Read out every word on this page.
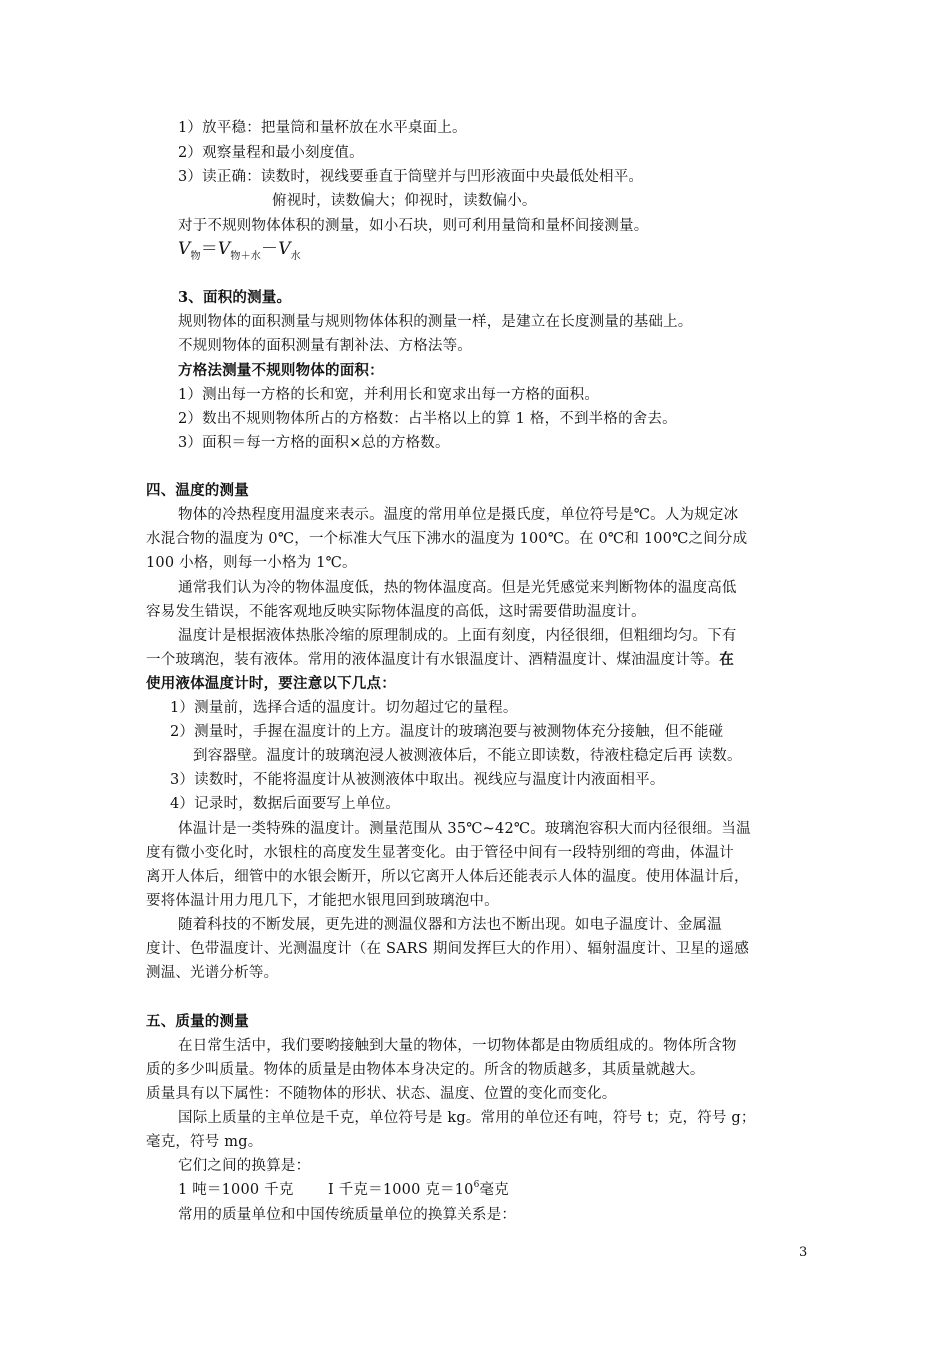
1）放平稳：把量筒和量杯放在水平桌面上。
2）观察量程和最小刻度值。
3）读正确：读数时，视线要垂直于筒壁并与凹形液面中央最低处相平。
俯视时，读数偏大；仰视时，读数偏小。
对于不规则物体体积的测量，如小石块，则可利用量筒和量杯间接测量。
$V_物=V_{物+水}-V_水$
3、面积的测量。
规则物体的面积测量与规则物体体积的测量一样，是建立在长度测量的基础上。
不规则物体的面积测量有割补法、方格法等。
方格法测量不规则物体的面积：
1）测出每一方格的长和宽，并利用长和宽求出每一方格的面积。
2）数出不规则物体所占的方格数：占半格以上的算 1 格，不到半格的舍去。
3）面积＝每一方格的面积×总的方格数。
四、温度的测量
物体的冷热程度用温度来表示。温度的常用单位是摄氏度，单位符号是℃。人为规定冰
水混合物的温度为 0℃，一个标准大气压下沸水的温度为 100℃。在 0℃和 100℃之间分成
100 小格，则每一小格为 1℃。
通常我们认为冷的物体温度低，热的物体温度高。但是光凭感觉来判断物体的温度高低
容易发生错误，不能客观地反映实际物体温度的高低，这时需要借助温度计。
温度计是根据液体热胀冷缩的原理制成的。上面有刻度，内径很细，但粗细均匀。下有
一个玻璃泡，装有液体。常用的液体温度计有水银温度计、酒精温度计、煤油温度计等。在
使用液体温度计时，要注意以下几点：
1）测量前，选择合适的温度计。切勿超过它的量程。
2）测量时，手握在温度计的上方。温度计的玻璃泡要与被测物体充分接触，但不能碰
到容器壁。温度计的玻璃泡浸人被测液体后，不能立即读数，待液柱稳定后再 读数。
3）读数时，不能将温度计从被测液体中取出。视线应与温度计内液面相平。
4）记录时，数据后面要写上单位。
体温计是一类特殊的温度计。测量范围从 35℃~42℃。玻璃泡容积大而内径很细。当温
度有微小变化时，水银柱的高度发生显著变化。由于管径中间有一段特别细的弯曲，体温计
离开人体后，细管中的水银会断开，所以它离开人体后还能表示人体的温度。使用体温计后，
要将体温计用力甩几下，才能把水银甩回到玻璃泡中。
随着科技的不断发展，更先进的测温仪器和方法也不断出现。如电子温度计、金属温
度计、色带温度计、光测温度计（在 SARS 期间发挥巨大的作用）、辐射温度计、卫星的遥感
测温、光谱分析等。
五、质量的测量
在日常生活中，我们要哟接触到大量的物体，一切物体都是由物质组成的。物体所含物
质的多少叫质量。物体的质量是由物体本身决定的。所含的物质越多，其质量就越大。
质量具有以下属性：不随物体的形状、状态、温度、位置的变化而变化。
国际上质量的主单位是千克，单位符号是 kg。常用的单位还有吨，符号 t；克，符号 g；
毫克，符号 mg。
它们之间的换算是：
1 吨＝1000 千克 I 千克＝1000 克$=10^6$毫克
常用的质量单位和中国传统质量单位的换算关系是：
3
